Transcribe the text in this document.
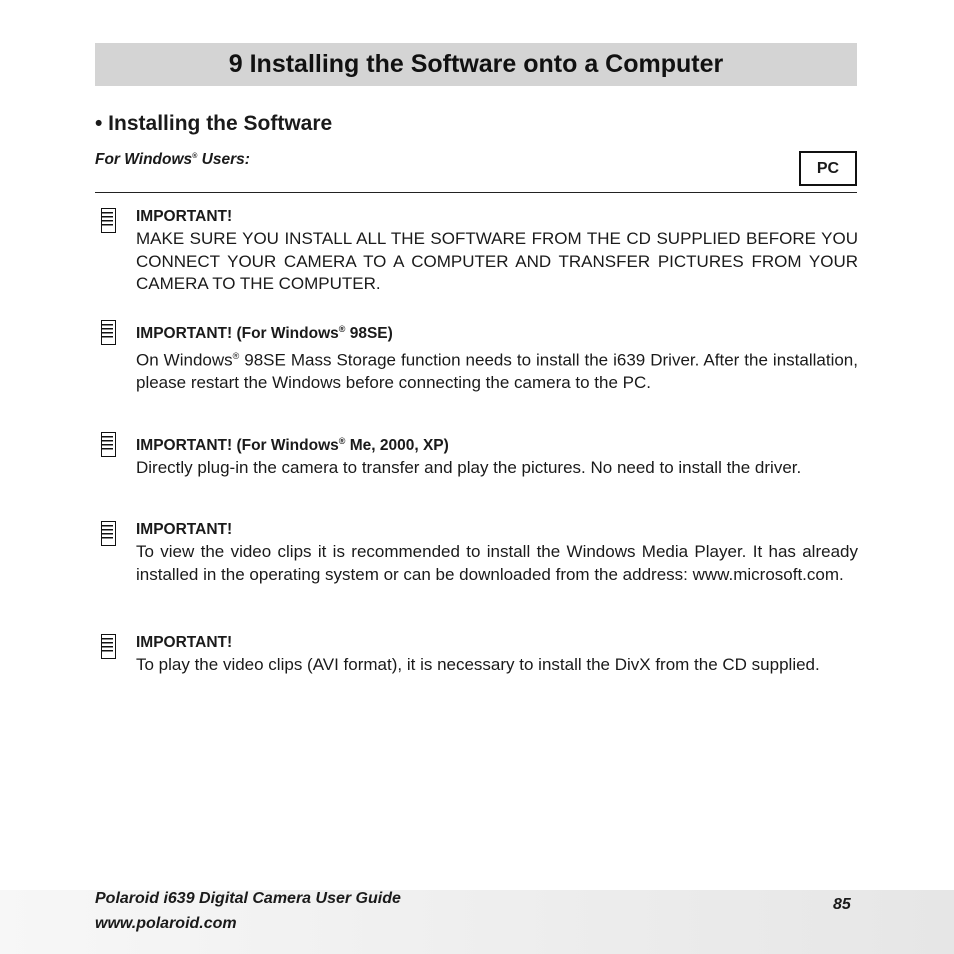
9 Installing the Software onto a Computer
• Installing the Software
For Windows® Users:	PC
IMPORTANT!
MAKE SURE YOU INSTALL ALL THE SOFTWARE FROM THE CD SUPPLIED BEFORE YOU CONNECT YOUR CAMERA TO A COMPUTER AND TRANSFER PICTURES FROM YOUR CAMERA TO THE COMPUTER.
IMPORTANT! (For Windows® 98SE)
On Windows® 98SE Mass Storage function needs to install the i639 Driver. After the installation, please restart the Windows before connecting the camera to the PC.
IMPORTANT! (For Windows® Me, 2000, XP)
Directly plug-in the camera to transfer and play the pictures. No need to install the driver.
IMPORTANT!
To view the video clips it is recommended to install the Windows Media Player. It has already installed in the operating system or can be downloaded from the address: www.microsoft.com.
IMPORTANT!
To play the video clips (AVI format), it is necessary to install the DivX from the CD supplied.
Polaroid i639 Digital Camera User Guide
www.polaroid.com
85
